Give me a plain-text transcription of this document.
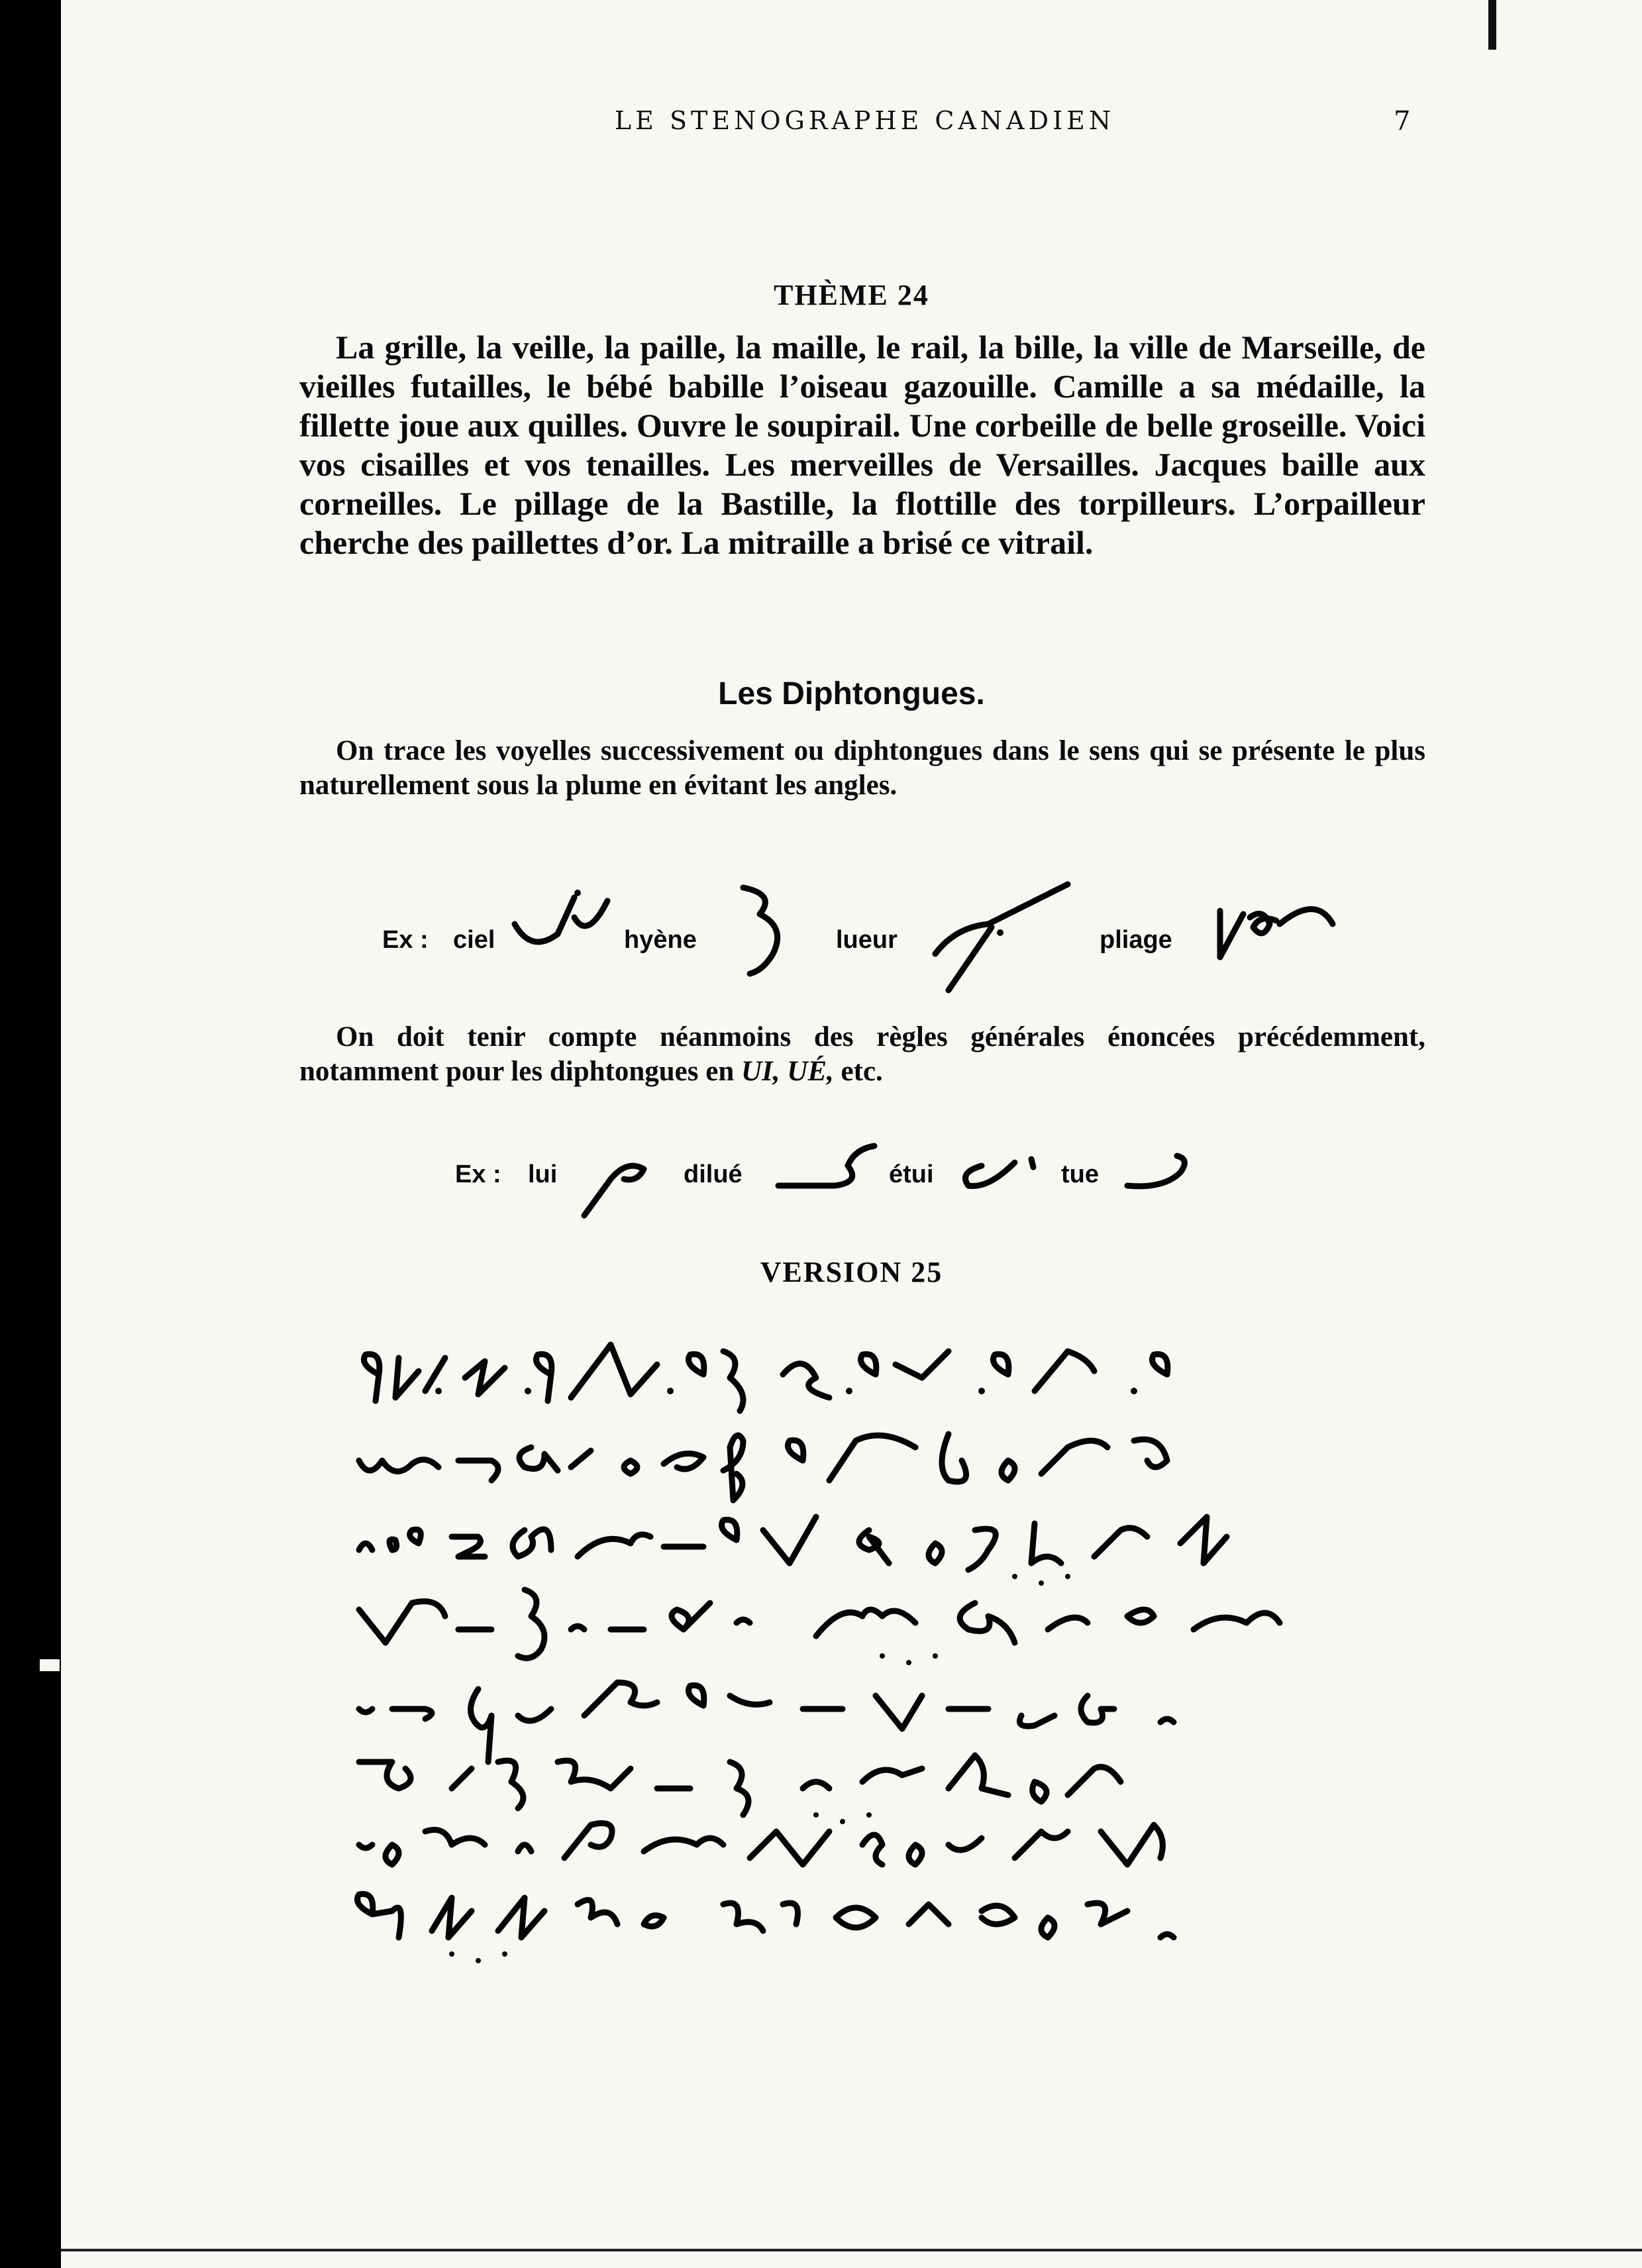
LE STENOGRAPHE CANADIEN	7
THÈME 24
La grille, la veille, la paille, la maille, le rail, la bille, la ville de Marseille, de vieilles futailles, le bébé babille l’oiseau gazouille. Camille a sa médaille, la fillette joue aux quilles. Ouvre le soupirail. Une corbeille de belle groseille. Voici vos cisailles et vos tenailles. Les merveilles de Versailles. Jacques baille aux corneilles. Le pillage de la Bastille, la flottille des torpilleurs. L’orpailleur cherche des paillettes d’or. La mitraille a brisé ce vitrail.
Les Diphtongues.
On trace les voyelles successivement ou diphtongues dans le sens qui se présente le plus naturellement sous la plume en évitant les angles.
Ex : ciel	hyène	lueur	pliage
On doit tenir compte néanmoins des règles générales énoncées précédemment, notamment pour les diphtongues en UI, UÉ, etc.
Ex : lui	dilué	étui	tue
VERSION 25
